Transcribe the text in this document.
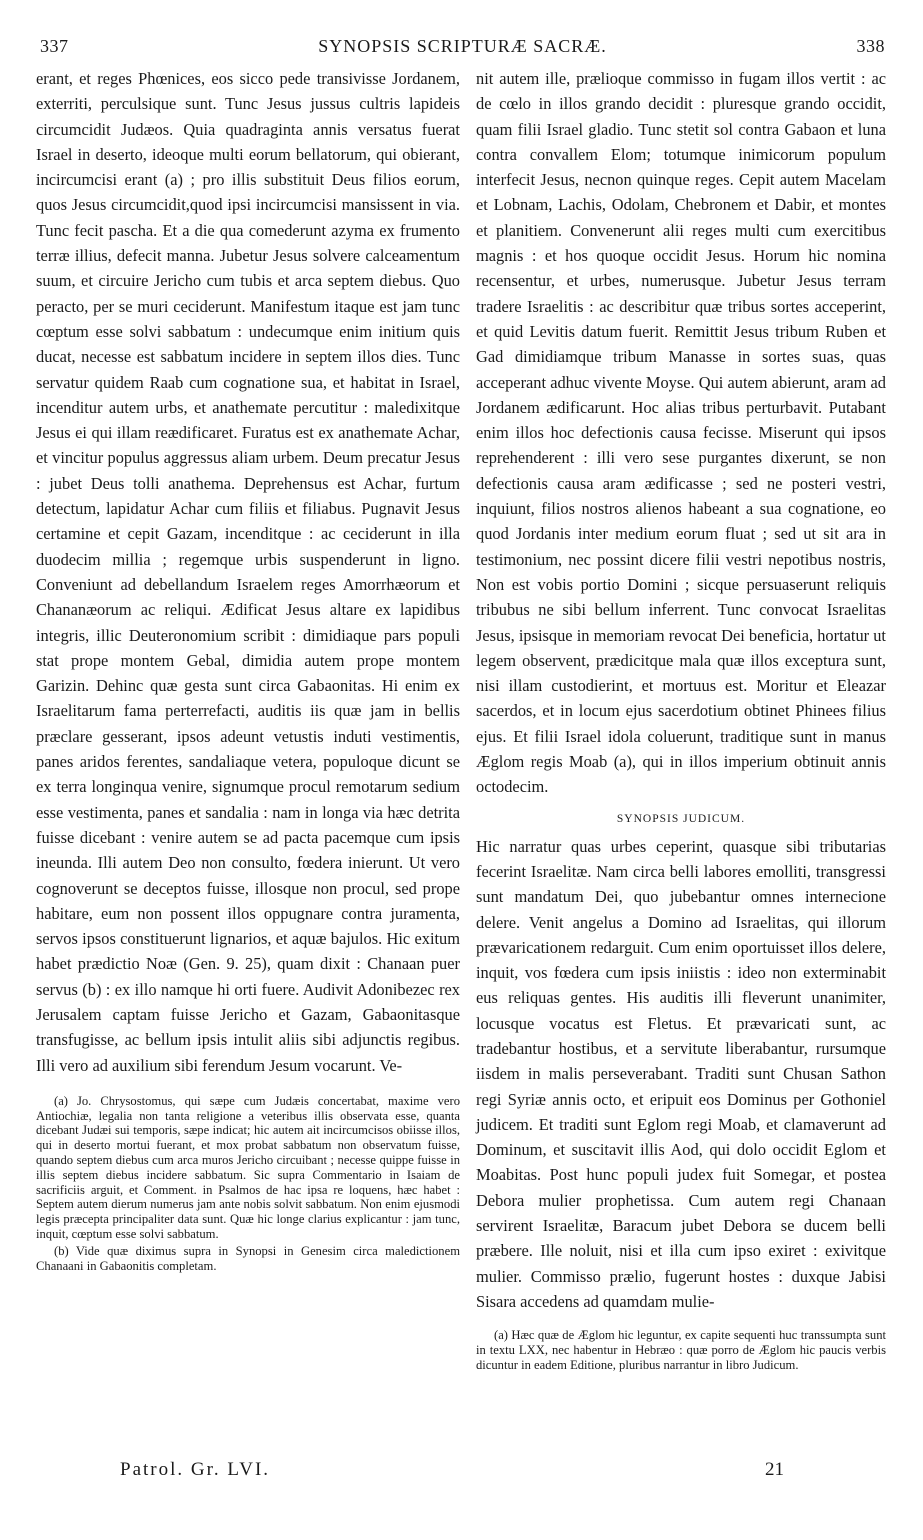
337	SYNOPSIS SCRIPTURÆ SACRÆ.	338

erant, et reges Phœnices, eos sicco pede transivisse Jordanem, exterriti, perculsique sunt. Tunc Jesus jussus cultris lapideis circumcidit Judæos. Quia quadraginta annis versatus fuerat Israel in deserto, ideoque multi eorum bellatorum, qui obierant, incircumcisi erant (a) ; pro illis substituit Deus filios eorum, quos Jesus circumcidit,quod ipsi incircumcisi mansissent in via. Tunc fecit pascha. Et a die qua comederunt azyma ex frumento terræ illius, defecit manna. Jubetur Jesus solvere calceamentum suum, et circuire Jericho cum tubis et arca septem diebus. Quo peracto, per se muri ceciderunt. Manifestum itaque est jam tunc cœptum esse solvi sabbatum : undecumque enim initium quis ducat, necesse est sabbatum incidere in septem illos dies. Tunc servatur quidem Raab cum cognatione sua, et habitat in Israel, incenditur autem urbs, et anathemate percutitur : maledixitque Jesus ei qui illam reædificaret. Furatus est ex anathemate Achar, et vincitur populus aggressus aliam urbem. Deum precatur Jesus : jubet Deus tolli anathema. Deprehensus est Achar, furtum detectum, lapidatur Achar cum filiis et filiabus. Pugnavit Jesus certamine et cepit Gazam, incenditque : ac ceciderunt in illa duodecim millia ; regemque urbis suspenderunt in ligno. Conveniunt ad debellandum Israelem reges Amorrhæorum et Chananæorum ac reliqui. Ædificat Jesus altare ex lapidibus integris, illic Deuteronomium scribit : dimidiaque pars populi stat prope montem Gebal, dimidia autem prope montem Garizin. Dehinc quæ gesta sunt circa Gabaonitas. Hi enim ex Israelitarum fama perterrefacti, auditis iis quæ jam in bellis præclare gesserant, ipsos adeunt vetustis induti vestimentis, panes aridos ferentes, sandaliaque vetera, populoque dicunt se ex terra longinqua venire, signumque procul remotarum sedium esse vestimenta, panes et sandalia : nam in longa via hæc detrita fuisse dicebant : venire autem se ad pacta pacemque cum ipsis ineunda. Illi autem Deo non consulto, fœdera inierunt. Ut vero cognoverunt se deceptos fuisse, illosque non procul, sed prope habitare, eum non possent illos oppugnare contra juramenta, servos ipsos constituerunt lignarios, et aquæ bajulos. Hic exitum habet prædictio Noæ (Gen. 9. 25), quam dixit : Chanaan puer servus (b) : ex illo namque hi orti fuere. Audivit Adonibezec rex Jerusalem captam fuisse Jericho et Gazam, Gabaonitasque transfugisse, ac bellum ipsis intulit aliis sibi adjunctis regibus. Illi vero ad auxilium sibi ferendum Jesum vocarunt. Ve-

(a) Jo. Chrysostomus, qui sæpe cum Judæis concertabat, maxime vero Antiochiæ, legalia non tanta religione a veteribus illis observata esse, quanta dicebant Judæi sui temporis, sæpe indicat; hic autem ait incircumcisos obiisse illos, qui in deserto mortui fuerant, et mox probat sabbatum non observatum fuisse, quando septem diebus cum arca muros Jericho circuibant ; necesse quippe fuisse in illis septem diebus incidere sabbatum. Sic supra Commentario in Isaiam de sacrificiis arguit, et Comment. in Psalmos de hac ipsa re loquens, hæc habet : Septem autem dierum numerus jam ante nobis solvit sabbatum. Non enim ejusmodi legis præcepta principaliter data sunt. Quæ hic longe clarius explicantur : jam tunc, inquit, cœptum esse solvi sabbatum.

(b) Vide quæ diximus supra in Synopsi in Genesim circa maledictionem Chanaani in Gabaonitis completam.

nit autem ille, prælioque commisso in fugam illos vertit : ac de cœlo in illos grando decidit : pluresque grando occidit, quam filii Israel gladio. Tunc stetit sol contra Gabaon et luna contra convallem Elom; totumque inimicorum populum interfecit Jesus, necnon quinque reges. Cepit autem Macelam et Lobnam, Lachis, Odolam, Chebronem et Dabir, et montes et planitiem. Convenerunt alii reges multi cum exercitibus magnis : et hos quoque occidit Jesus. Horum hic nomina recensentur, et urbes, numerusque. Jubetur Jesus terram tradere Israelitis : ac describitur quæ tribus sortes acceperint, et quid Levitis datum fuerit. Remittit Jesus tribum Ruben et Gad dimidiamque tribum Manasse in sortes suas, quas acceperant adhuc vivente Moyse. Qui autem abierunt, aram ad Jordanem ædificarunt. Hoc alias tribus perturbavit. Putabant enim illos hoc defectionis causa fecisse. Miserunt qui ipsos reprehenderent : illi vero sese purgantes dixerunt, se non defectionis causa aram ædificasse ; sed ne posteri vestri, inquiunt, filios nostros alienos habeant a sua cognatione, eo quod Jordanis inter medium eorum fluat ; sed ut sit ara in testimonium, nec possint dicere filii vestri nepotibus nostris, Non est vobis portio Domini ; sicque persuaserunt reliquis tribubus ne sibi bellum inferrent. Tunc convocat Israelitas Jesus, ipsisque in memoriam revocat Dei beneficia, hortatur ut legem observent, prædicitque mala quæ illos exceptura sunt, nisi illam custodierint, et mortuus est. Moritur et Eleazar sacerdos, et in locum ejus sacerdotium obtinet Phinees filius ejus. Et filii Israel idola coluerunt, traditique sunt in manus Æglom regis Moab (a), qui in illos imperium obtinuit annis octodecim.

SYNOPSIS JUDICUM.

Hic narratur quas urbes ceperint, quasque sibi tributarias fecerint Israelitæ. Nam circa belli labores emolliti, transgressi sunt mandatum Dei, quo jubebantur omnes internecione delere. Venit angelus a Domino ad Israelitas, qui illorum prævaricationem redarguit. Cum enim oportuisset illos delere, inquit, vos fœdera cum ipsis iniistis : ideo non exterminabit eus reliquas gentes. His auditis illi fleverunt unanimiter, locusque vocatus est Fletus. Et prævaricati sunt, ac tradebantur hostibus, et a servitute liberabantur, rursumque iisdem in malis perseverabant. Traditi sunt Chusan Sathon regi Syriæ annis octo, et eripuit eos Dominus per Gothoniel judicem. Et traditi sunt Eglom regi Moab, et clamaverunt ad Dominum, et suscitavit illis Aod, qui dolo occidit Eglom et Moabitas. Post hunc populi judex fuit Somegar, et postea Debora mulier prophetissa. Cum autem regi Chanaan servirent Israelitæ, Baracum jubet Debora se ducem belli præbere. Ille noluit, nisi et illa cum ipso exiret : exivitque mulier. Commisso prælio, fugerunt hostes : duxque Jabisi Sisara accedens ad quamdam mulie-

(a) Hæc quæ de Æglom hic leguntur, ex capite sequenti huc transsumpta sunt in textu LXX, nec habentur in Hebræo : quæ porro de Æglom hic paucis verbis dicuntur in eadem Editione, pluribus narrantur in libro Judicum.

Patrol. Gr. LVI.	21
